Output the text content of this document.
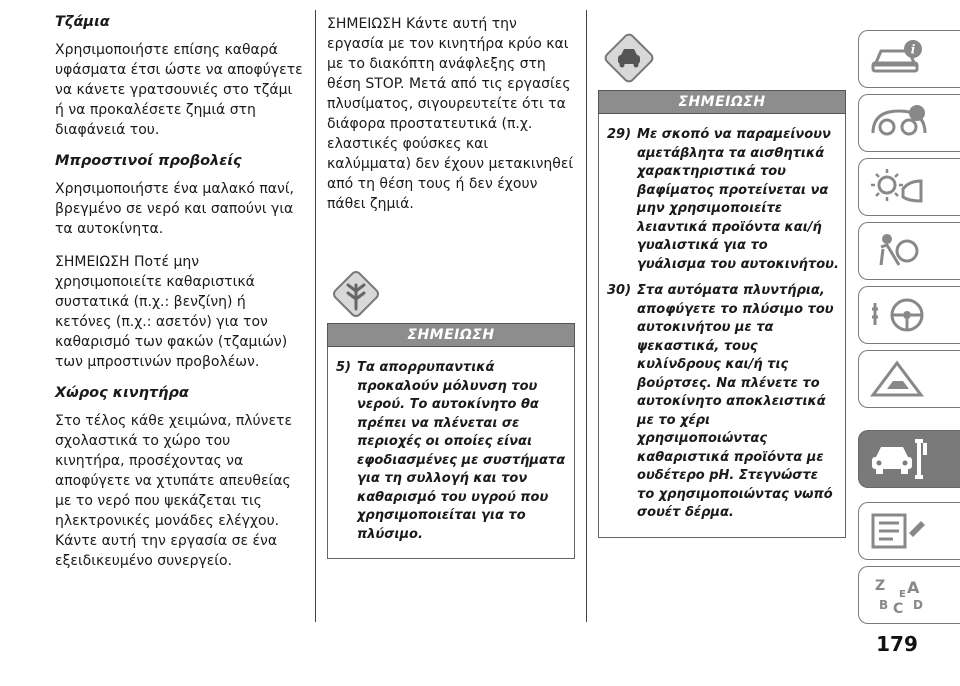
Τζάμια

Χρησιμοποιήστε επίσης καθαρά υφάσματα έτσι ώστε να αποφύγετε να κάνετε γρατσουνιές στο τζάμι ή να προκαλέσετε ζημιά στη διαφάνειά του.

Μπροστινοί προβολείς

Χρησιμοποιήστε ένα μαλακό πανί, βρεγμένο σε νερό και σαπούνι για τα αυτοκίνητα.

ΣΗΜΕΙΩΣΗ Ποτέ μην χρησιμοποιείτε καθαριστικά συστατικά (π.χ.: βενζίνη) ή κετόνες (π.χ.: ασετόν) για τον καθαρισμό των φακών (τζαμιών) των μπροστινών προβολέων.

Χώρος κινητήρα

Στο τέλος κάθε χειμώνα, πλύνετε σχολαστικά το χώρο του κινητήρα, προσέχοντας να αποφύγετε να χτυπάτε απευθείας με το νερό που ψεκάζεται τις ηλεκτρονικές μονάδες ελέγχου. Κάντε αυτή την εργασία σε ένα εξειδικευμένο συνεργείο.

ΣΗΜΕΙΩΣΗ Κάντε αυτή την εργασία με τον κινητήρα κρύο και με το διακόπτη ανάφλεξης στη θέση STOP. Μετά από τις εργασίες πλυσίματος, σιγουρευτείτε ότι τα διάφορα προστατευτικά (π.χ. ελαστικές φούσκες και καλύμματα) δεν έχουν μετακινηθεί από τη θέση τους ή δεν έχουν πάθει ζημιά.

ΣΗΜΕΙΩΣΗ
5) Τα απορρυπαντικά προκαλούν μόλυνση του νερού. Το αυτοκίνητο θα πρέπει να πλένεται σε περιοχές οι οποίες είναι εφοδιασμένες με συστήματα για τη συλλογή και τον καθαρισμό του υγρού που χρησιμοποιείται για το πλύσιμο.
ΣΗΜΕΙΩΣΗ
29) Με σκοπό να παραμείνουν αμετάβλητα τα αισθητικά χαρακτηριστικά του βαφίματος προτείνεται να μην χρησιμοποιείτε λειαντικά προϊόντα και/ή γυαλιστικά για το γυάλισμα του αυτοκινήτου.
30) Στα αυτόματα πλυντήρια, αποφύγετε το πλύσιμο του αυτοκινήτου με τα ψεκαστικά, τους κυλίνδρους και/ή τις βούρτσες. Να πλένετε το αυτοκίνητο αποκλειστικά με το χέρι χρησιμοποιώντας καθαριστικά προϊόντα με ουδέτερο pH. Στεγνώστε το χρησιμοποιώντας νωπό σουέτ δέρμα.
i
Z A
B C D
E
179
